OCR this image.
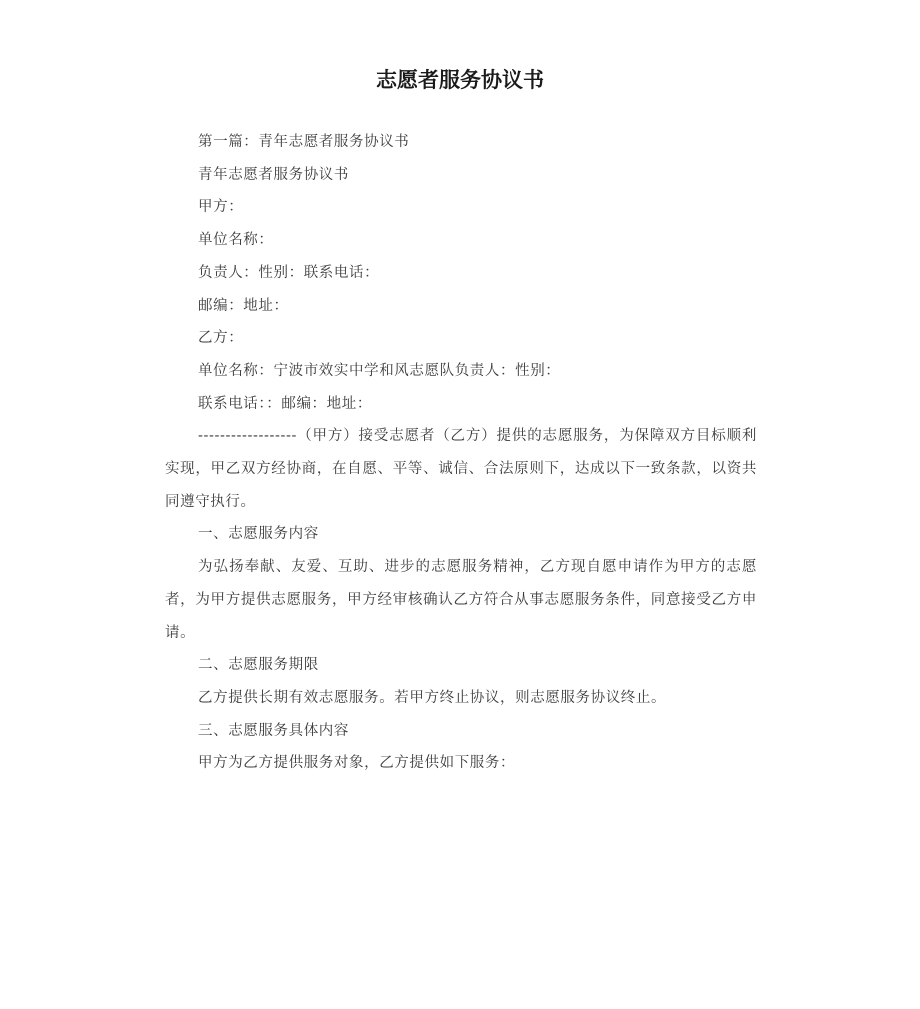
志愿者服务协议书

第一篇：青年志愿者服务协议书

青年志愿者服务协议书

甲方：

单位名称：

负责人：性别：联系电话：

邮编：地址：

乙方：

单位名称：宁波市效实中学和风志愿队负责人：性别：

联系电话：：邮编：地址：

------------------（甲方）接受志愿者（乙方）提供的志愿服务，为保障双方目标顺利实现，甲乙双方经协商，在自愿、平等、诚信、合法原则下，达成以下一致条款，以资共同遵守执行。

一、志愿服务内容

为弘扬奉献、友爱、互助、进步的志愿服务精神，乙方现自愿申请作为甲方的志愿者，为甲方提供志愿服务，甲方经审核确认乙方符合从事志愿服务条件，同意接受乙方申请。

二、志愿服务期限

乙方提供长期有效志愿服务。若甲方终止协议，则志愿服务协议终止。

三、志愿服务具体内容

甲方为乙方提供服务对象，乙方提供如下服务：
